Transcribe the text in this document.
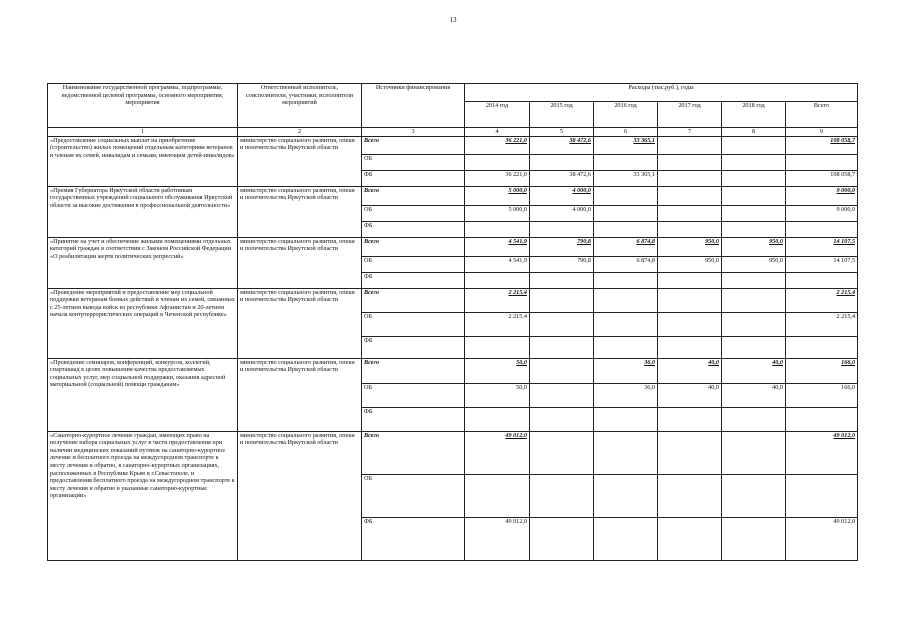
13
Наименование государственной программы, подпрограммы, ведомственной целевой программы, основного мероприятия, мероприятия	Ответственный исполнитель, соисполнители, участники, исполнители мероприятий	Источники финансирования	Расходы (тыс.руб.), годы					
			2014 год	2015 год	2016 год	2017 год	2018 год	Всего
1	2	3	4	5	6	7	8	9
«Предоставление социальных выплат на приобретение (строительство) жилых помещений отдельным категориям ветеранов и членам их семей, инвалидам и семьям, имеющим детей-инвалидов»	министерство социального развития, опеки и попечительства Иркутской области	Всего	36 221,0	38 472,6	33 365,1			108 058,7
		ОБ						
		ФБ	36 221,0	38 472,6	33 365,1			108 058,7
«Премия Губернатора Иркутской области работникам государственных учреждений социального обслуживания Иркутской области за высокие достижения в профессиональной деятельности»	министерство социального развития, опеки и попечительства Иркутской области	Всего	5 000,0	4 000,0				9 000,0
		ОБ	5 000,0	4 000,0				9 000,0
		ФБ						
«Принятие на учет и обеспечение жилыми помещениями отдельных категорий граждан в соответствии с Законом Российской Федерации «О реабилитации жертв политических репрессий»	министерство социального развития, опеки и попечительства Иркутской области	Всего	4 541,9	790,8	6 874,8	950,0	950,0	14 107,5
		ОБ	4 541,9	790,8	6 874,8	950,0	950,0	14 107,5
		ФБ						
«Проведение мероприятий и предоставление мер социальной поддержки ветеранам боевых действий и членам их семей, связанных с 25-летием вывода войск из республики Афганистан и 20-летием начала контртеррористических операций в Чеченской республике»	министерство социального развития, опеки и попечительства Иркутской области	Всего	2 215,4					2 215,4
		ОБ	2 215,4					2 215,4
		ФБ						
«Проведение семинаров, конференций, конкурсов, коллегий, спартакиад в целях повышения качества предоставляемых социальных услуг, мер социальной поддержки, оказания адресной материальной (социальной) помощи гражданам»	министерство социального развития, опеки и попечительства Иркутской области	Всего	50,0		36,0	40,0	40,0	166,0
		ОБ	50,0		36,0	40,0	40,0	166,0
		ФБ						
«Санаторно-курортное лечение граждан, имеющих право на получение набора социальных услуг в части предоставления при наличии медицинских показаний путевок на санаторно-курортное лечение и бесплатного проезда на междугородном транспорте к месту лечения и обратно, в санаторно-курортных организациях, расположенных в Республике Крым и г.Севастополе, и предоставления бесплатного проезда на междугородном транспорте к месту лечения и обратно в указанные санаторно-курортные организации»	министерство социального развития, опеки и попечительства Иркутской области	Всего	49 012,0					49 012,0
		ОБ						
		ФБ	49 012,0					49 012,0
